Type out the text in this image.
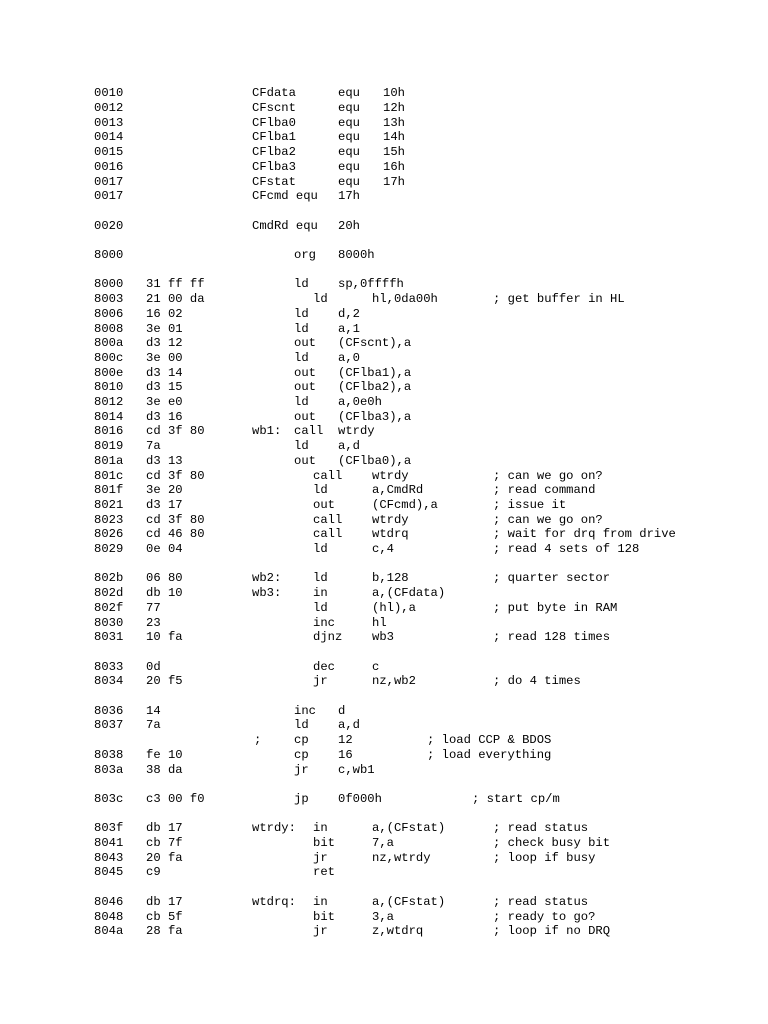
0010	CFdata	equ 10h
0012	CFscnt	equ 12h
0013	CFlba0	equ 13h
0014	CFlba1	equ 14h
0015	CFlba2	equ 15h
0016	CFlba3	equ 16h
0017	CFstat	equ 17h
0017	CFcmd equ 17h
0020	CmdRd equ 20h
8000	org 8000h
8000 31 ff ff	ld sp,0ffffh
8003 21 00 da	ld	hl,0da00h	; get buffer in HL
8006 16 02	ld d,2
8008 3e 01	ld a,1
800a d3 12	out (CFscnt),a
800c 3e 00	ld a,0
800e d3 14	out (CFlba1),a
8010 d3 15	out (CFlba2),a
8012 3e e0	ld a,0e0h
8014 d3 16	out (CFlba3),a
8016 cd 3f 80	wb1: call wtrdy
8019 7a	ld a,d
801a d3 13	out (CFlba0),a
801c cd 3f 80	call wtrdy	; can we go on?
801f 3e 20	ld	a,CmdRd	; read command
8021 d3 17	out	(CFcmd),a	; issue it
8023 cd 3f 80	call wtrdy	; can we go on?
8026 cd 46 80	call wtdrq	; wait for drq from drive
8029 0e 04	ld	c,4	; read 4 sets of 128
802b 06 80	wb2:	ld	b,128	; quarter sector
802d db 10	wb3:	in	a,(CFdata)
802f 77	ld	(hl),a	; put byte in RAM
8030 23	inc	hl
8031 10 fa	djnz wb3	; read 128 times
8033 0d	dec	c
8034 20 f5	jr	nz,wb2	; do 4 times
8036 14	inc d
8037 7a	ld a,d
;	cp 12	; load CCP & BDOS
8038 fe 10	cp 16	; load everything
803a 38 da	jr c,wb1
803c c3 00 f0	jp 0f000h	; start cp/m
803f db 17	wtrdy: in	a,(CFstat)	; read status
8041 cb 7f	bit	7,a	; check busy bit
8043 20 fa	jr	nz,wtrdy	; loop if busy
8045 c9	ret
8046 db 17	wtdrq: in	a,(CFstat)	; read status
8048 cb 5f	bit	3,a	; ready to go?
804a 28 fa	jr	z,wtdrq	; loop if no DRQ
